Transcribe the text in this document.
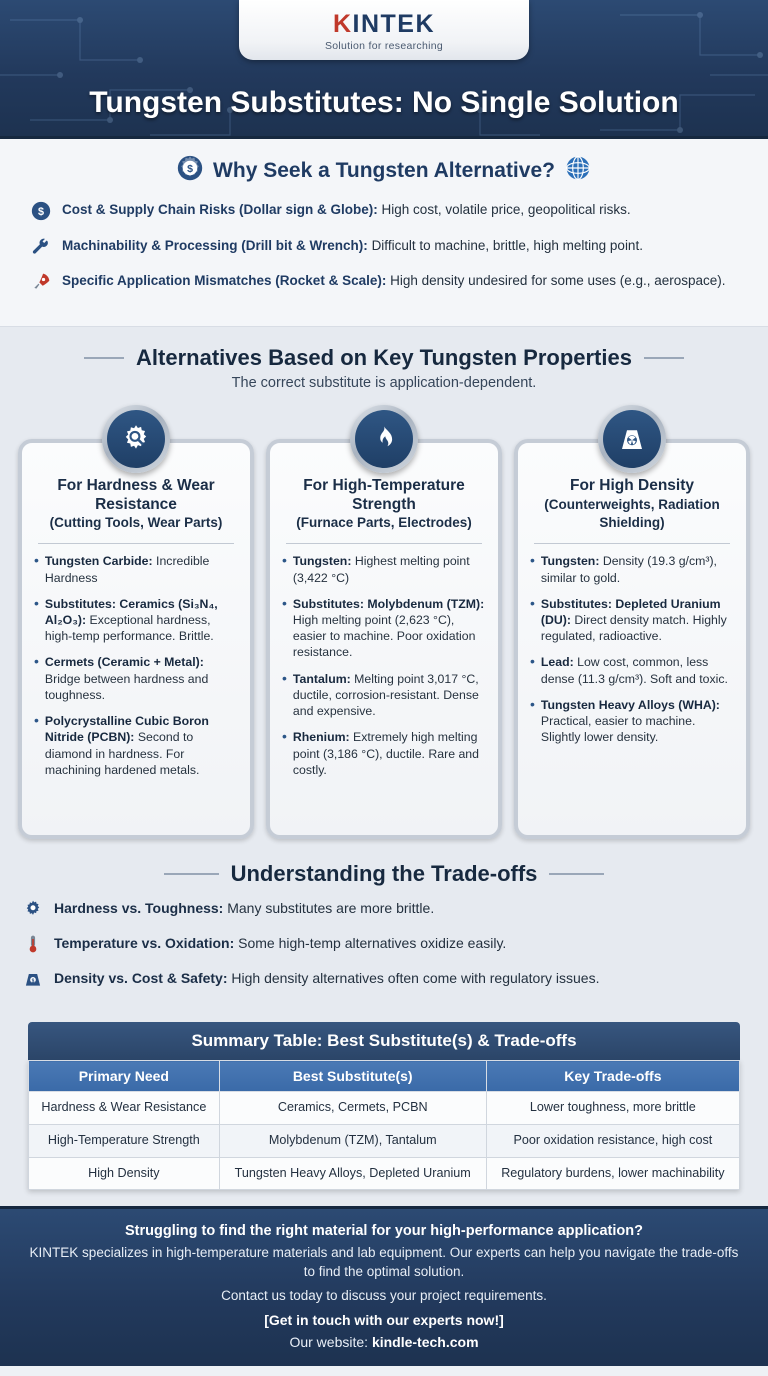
KINTEK
Solution for researching
Tungsten Substitutes: No Single Solution
$ Why Seek a Tungsten Alternative?
$ Cost & Supply Chain Risks (Dollar sign & Globe): High cost, volatile price, geopolitical risks.
Machinability & Processing (Drill bit & Wrench): Difficult to machine, brittle, high melting point.
Specific Application Mismatches (Rocket & Scale): High density undesired for some uses (e.g., aerospace).
Alternatives Based on Key Tungsten Properties
The correct substitute is application-dependent.
For Hardness & Wear Resistance
(Cutting Tools, Wear Parts)
• Tungsten Carbide: Incredible Hardness
• Substitutes: Ceramics (Si₃N₄, Al₂O₃): Exceptional hardness, high-temp performance. Brittle.
• Cermets (Ceramic + Metal): Bridge between hardness and toughness.
• Polycrystalline Cubic Boron Nitride (PCBN): Second to diamond in hardness. For machining hardened metals.
For High-Temperature Strength
(Furnace Parts, Electrodes)
• Tungsten: Highest melting point (3,422 °C)
• Substitutes: Molybdenum (TZM): High melting point (2,623 °C), easier to machine. Poor oxidation resistance.
• Tantalum: Melting point 3,017 °C, ductile, corrosion-resistant. Dense and expensive.
• Rhenium: Extremely high melting point (3,186 °C), ductile. Rare and costly.
For High Density
(Counterweights, Radiation Shielding)
• Tungsten: Density (19.3 g/cm³), similar to gold.
• Substitutes: Depleted Uranium (DU): Direct density match. Highly regulated, radioactive.
• Lead: Low cost, common, less dense (11.3 g/cm³). Soft and toxic.
• Tungsten Heavy Alloys (WHA): Practical, easier to machine. Slightly lower density.
Understanding the Trade-offs
Hardness vs. Toughness: Many substitutes are more brittle.
Temperature vs. Oxidation: Some high-temp alternatives oxidize easily.
$ Density vs. Cost & Safety: High density alternatives often come with regulatory issues.
Summary Table: Best Substitute(s) & Trade-offs
Primary Need	Best Substitute(s)	Key Trade-offs
Hardness & Wear Resistance	Ceramics, Cermets, PCBN	Lower toughness, more brittle
High-Temperature Strength	Molybdenum (TZM), Tantalum	Poor oxidation resistance, high cost
High Density	Tungsten Heavy Alloys, Depleted Uranium	Regulatory burdens, lower machinability
Struggling to find the right material for your high-performance application?
KINTEK specializes in high-temperature materials and lab equipment. Our experts can help you navigate the trade-offs to find the optimal solution.
Contact us today to discuss your project requirements.
[Get in touch with our experts now!]
Our website: kindle-tech.com
